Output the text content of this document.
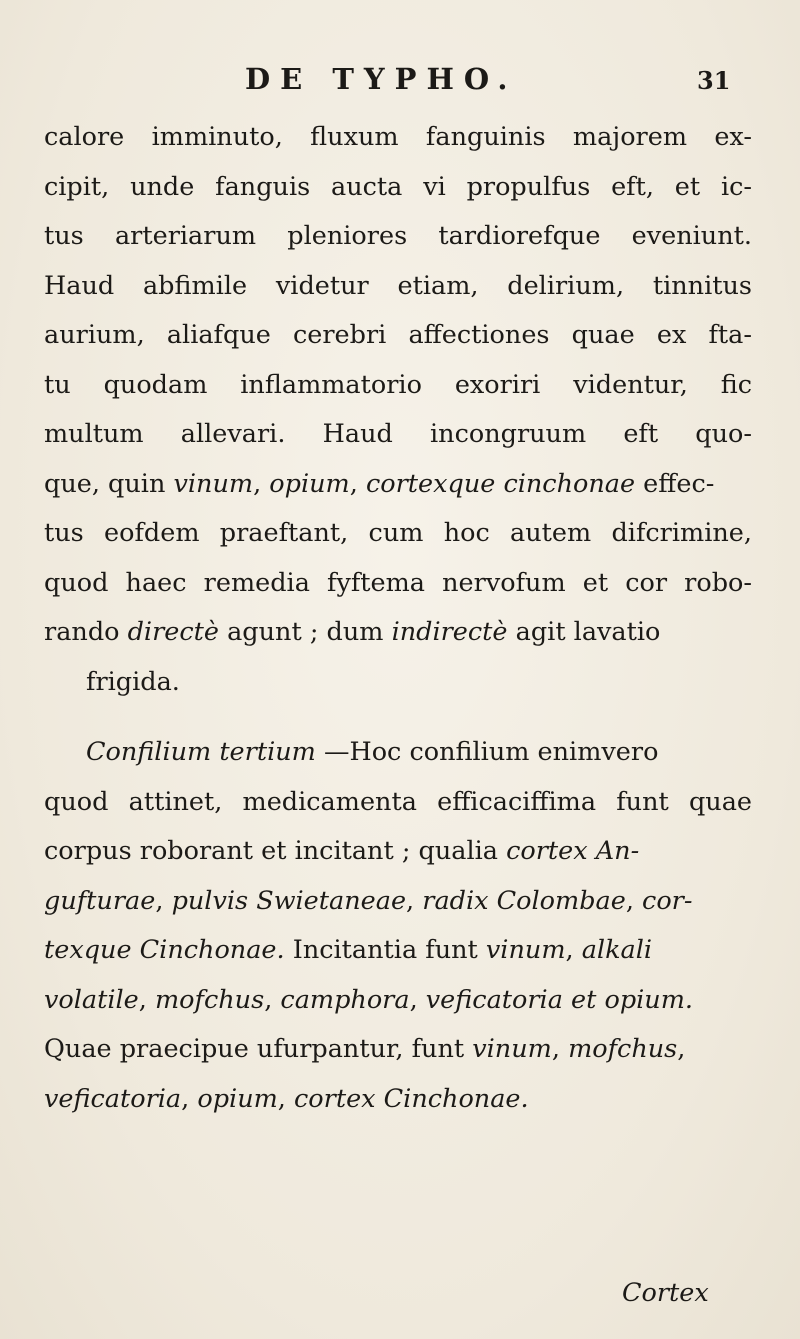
DE TYPHO.	31
calore imminuto, fluxum fanguinis majorem ex-
cipit, unde fanguis aucta vi propulfus eft, et ic-
tus arteriarum pleniores tardiorefque eveniunt.
Haud abfimile videtur etiam, delirium, tinnitus
aurium, aliafque cerebri affectiones quae ex fta-
tu quodam inflammatorio exoriri videntur, fic
multum allevari. Haud incongruum eft quo-
que, quin vinum, opium, cortexque cinchonae effec-
tus eofdem praeftant, cum hoc autem difcrimine,
quod haec remedia fyftema nervofum et cor robo-
rando directè agunt ; dum indirectè agit lavatio
frigida.
Confilium tertium —Hoc confilium enimvero
quod attinet, medicamenta efficaciffima funt quae
corpus roborant et incitant ; qualia cortex An-
gufturae, pulvis Swietaneae, radix Colombae, cor-
texque Cinchonae. Incitantia funt vinum, alkali
volatile, mofchus, camphora, veficatoria et opium.
Quae praecipue ufurpantur, funt vinum, mofchus,
veficatoria, opium, cortex Cinchonae.
Cortex
